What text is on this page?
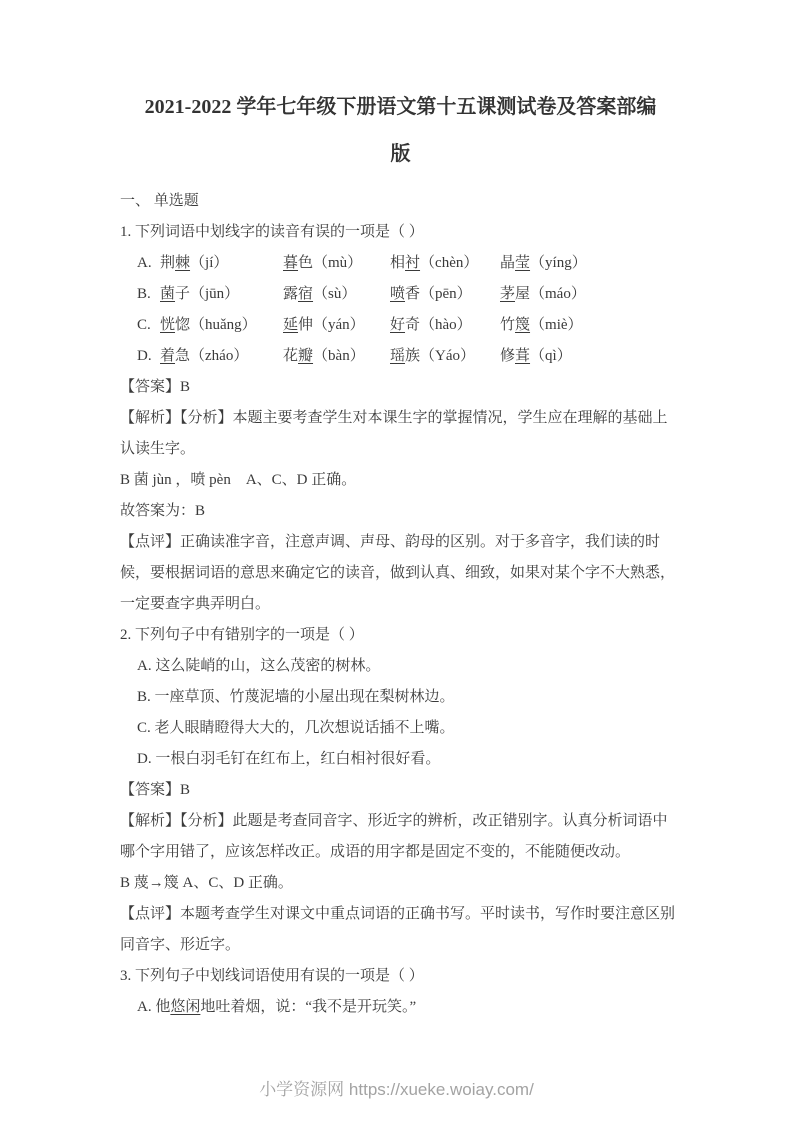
2021-2022 学年七年级下册语文第十五课测试卷及答案部编
版

一、 单选题

1. 下列词语中划线字的读音有误的一项是（ ）

A. 荆棘（jí）	暮色（mù）	相衬（chèn）	晶莹（yíng）
B. 菌子（jūn）	露宿（sù）	喷香（pēn）	茅屋（máo）
C. 恍惚（huǎng）	延伸（yán）	好奇（hào）	竹篾（miè）
D. 着急（zháo）	花瓣（bàn）	瑶族（Yáo）	修葺（qì）

【答案】B

【解析】【分析】本题主要考查学生对本课生字的掌握情况，学生应在理解的基础上认读生字。

B 菌 jùn ，喷 pèn　A、C、D 正确。

故答案为：B

【点评】正确读准字音，注意声调、声母、韵母的区别。对于多音字，我们读的时候，要根据词语的意思来确定它的读音，做到认真、细致，如果对某个字不大熟悉，一定要查字典弄明白。

2. 下列句子中有错别字的一项是（ ）

A. 这么陡峭的山，这么茂密的树林。

B. 一座草顶、竹蔑泥墙的小屋出现在梨树林边。

C. 老人眼睛瞪得大大的，几次想说话插不上嘴。

D. 一根白羽毛钉在红布上，红白相衬很好看。

【答案】B

【解析】【分析】此题是考查同音字、形近字的辨析，改正错别字。认真分析词语中哪个字用错了，应该怎样改正。成语的用字都是固定不变的，不能随便改动。

B 蔑→篾 A、C、D 正确。

【点评】本题考查学生对课文中重点词语的正确书写。平时读书，写作时要注意区别同音字、形近字。

3. 下列句子中划线词语使用有误的一项是（ ）

A. 他悠闲地吐着烟，说：“我不是开玩笑。”

小学资源网 https://xueke.woiay.com/
